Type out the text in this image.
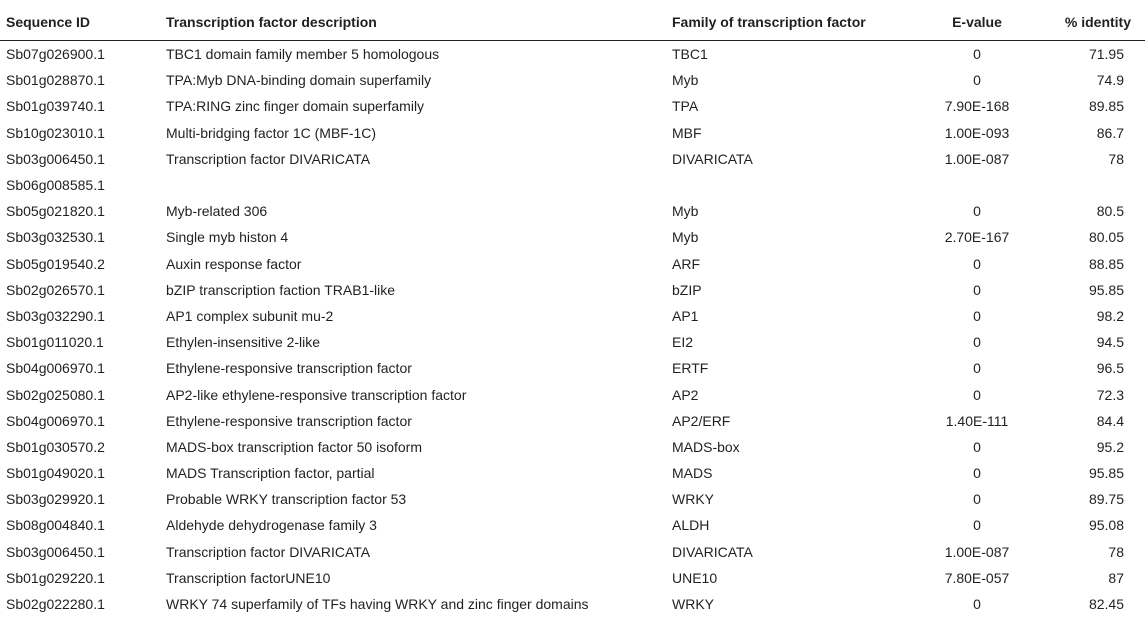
Sequence ID	Transcription factor description	Family of transcription factor	E-value	% identity
Sb07g026900.1	TBC1 domain family member 5 homologous	TBC1	0	71.95
Sb01g028870.1	TPA:Myb DNA-binding domain superfamily	Myb	0	74.9
Sb01g039740.1	TPA:RING zinc finger domain superfamily	TPA	7.90E-168	89.85
Sb10g023010.1	Multi-bridging factor 1C (MBF-1C)	MBF	1.00E-093	86.7
Sb03g006450.1	Transcription factor DIVARICATA	DIVARICATA	1.00E-087	78
Sb06g008585.1				
Sb05g021820.1	Myb-related 306	Myb	0	80.5
Sb03g032530.1	Single myb histon 4	Myb	2.70E-167	80.05
Sb05g019540.2	Auxin response factor	ARF	0	88.85
Sb02g026570.1	bZIP transcription faction TRAB1-like	bZIP	0	95.85
Sb03g032290.1	AP1 complex subunit mu-2	AP1	0	98.2
Sb01g011020.1	Ethylen-insensitive 2-like	EI2	0	94.5
Sb04g006970.1	Ethylene-responsive transcription factor	ERTF	0	96.5
Sb02g025080.1	AP2-like ethylene-responsive transcription factor	AP2	0	72.3
Sb04g006970.1	Ethylene-responsive transcription factor	AP2/ERF	1.40E-111	84.4
Sb01g030570.2	MADS-box transcription factor 50 isoform	MADS-box	0	95.2
Sb01g049020.1	MADS Transcription factor, partial	MADS	0	95.85
Sb03g029920.1	Probable WRKY transcription factor 53	WRKY	0	89.75
Sb08g004840.1	Aldehyde dehydrogenase family 3	ALDH	0	95.08
Sb03g006450.1	Transcription factor DIVARICATA	DIVARICATA	1.00E-087	78
Sb01g029220.1	Transcription factorUNE10	UNE10	7.80E-057	87
Sb02g022280.1	WRKY 74 superfamily of TFs having WRKY and zinc finger domains	WRKY	0	82.45
